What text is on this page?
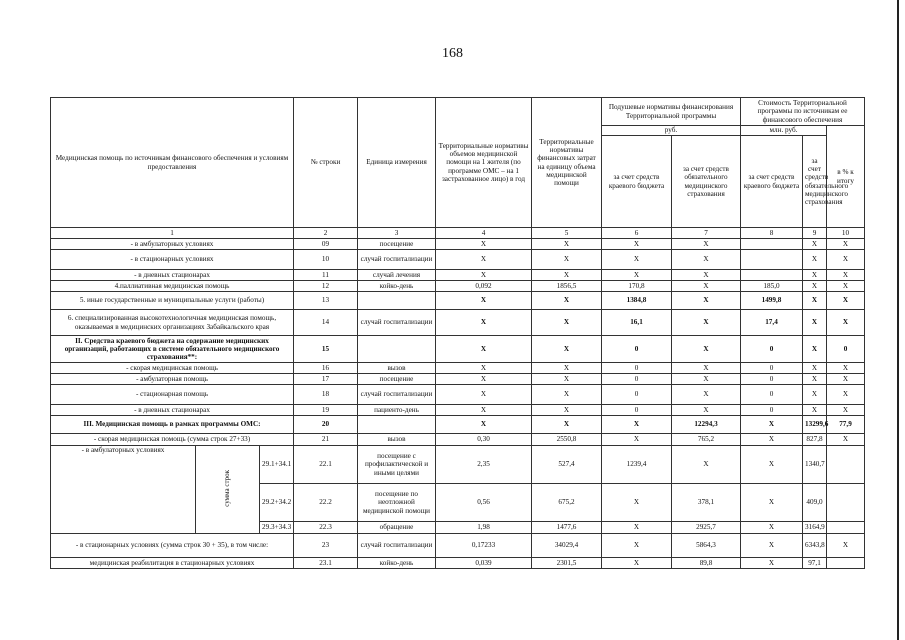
168
Медицинская помощь по источникам финансового обеспечения и условиям предоставления			№ строки	Единица измерения	Территориальные нормативы объемов медицинской помощи на 1 жителя (по программе ОМС – на 1 застрахованное лицо) в год	Территориальные нормативы финансовых затрат на единицу объема медицинской помощи	Подушевые нормативы финансирования Территориальной программы		Стоимость Территориальной программы по источникам ее финансового обеспечения		
							руб.		млн. руб.		в % к итогу
							за счет средств краевого бюджета	за счет средств обязательного медицинского страхования	за счет средств краевого бюджета	за счет средств обязательного медицинского страхования	
1			2	3	4	5	6	7	8	9	10
- в амбулаторных условиях			09	посещение	X	X	X	X		X	X
- в стационарных условиях			10	случай госпитализации	X	X	X	X		X	X
- в дневных стационарах			11	случай лечения	X	X	X	X		X	X
4.паллиативная медицинская помощь			12	койко-день	0,092	1856,5	170,8	X	185,0	X	X
5. иные государственные и муниципальные услуги (работы)			13		X	X	1384,8	X	1499,8	X	X
6. специализированная высокотехнологичная медицинская помощь, оказываемая в медицинских организациях Забайкальского края			14	случай госпитализации	X	X	16,1	X	17,4	X	X
II. Средства краевого бюджета на содержание медицинских организаций, работающих в системе обязательного медицинского страхования**:			15		X	X	0	X	0	X	0
- скорая медицинская помощь			16	вызов	X	X	0	X	0	X	X
- амбулаторная помощь			17	посещение	X	X	0	X	0	X	X
- стационарная помощь			18	случай госпитализации	X	X	0	X	0	X	X
- в дневных стационарах			19	пациенто-день	X	X	0	X	0	X	X
III. Медицинская помощь в рамках программы ОМС:			20		X	X	X	12294,3	X	13299,6	77,9
- скорая медицинская помощь (сумма строк 27+33)			21	вызов	0,30	2550,8	X	765,2	X	827,8	X
- в амбулаторных условиях	сумма строк	29.1+34.1	22.1	посещение с профилактической и иными целями	2,35	527,4	1239,4	X	X	1340,7	
		29.2+34.2	22.2	посещение по неотложной медицинской помощи	0,56	675,2	X	378,1	X	409,0	
		29.3+34.3	22.3	обращение	1,98	1477,6	X	2925,7	X	3164,9	
- в стационарных условиях (сумма строк 30 + 35), в том числе:			23	случай госпитализации	0,17233	34029,4	X	5864,3	X	6343,8	X
медицинская реабилитация в стационарных условиях			23.1	койко-день	0,039	2301,5	X	89,8	X	97,1	
